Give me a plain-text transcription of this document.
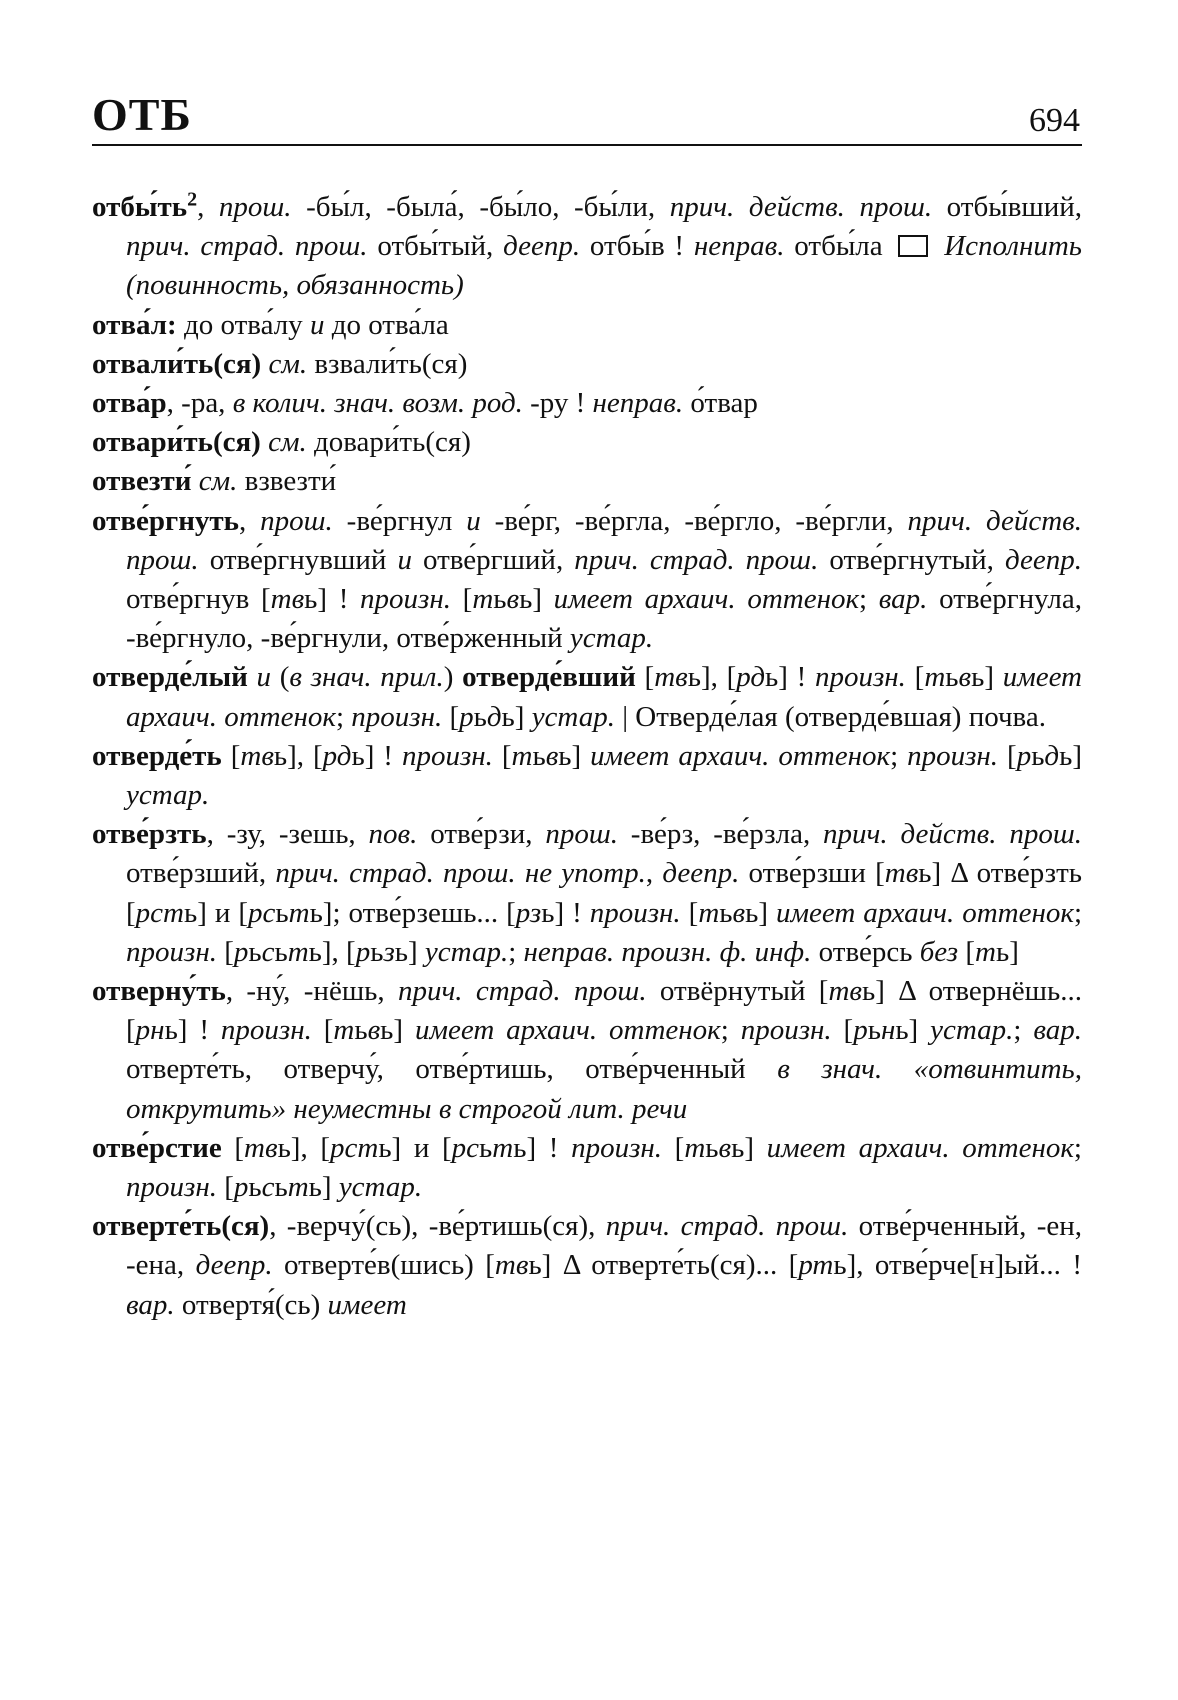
ОТБ	694

$отбы́ть^2$, прош. -бы́л, -была́, -бы́ло, -бы́ли, прич. действ. прош. отбы́вший, прич. страд. прош. отбы́тый, деепр. отбы́в ! неправ. отбы́ла  Исполнить (повинность, обязанность)

отва́л: до отва́лу и до отва́ла

отвали́ть(ся) см. взвали́ть(ся)

отва́р, -ра, в колич. знач. возм. род. -ру ! неправ. о́твар

отвари́ть(ся) см. довари́ть(ся)

отвезти́ см. взвезти́

отве́ргнуть, прош. -ве́ргнул и -ве́рг, -ве́ргла, -ве́ргло, -ве́ргли, прич. действ. прош. отве́ргнувший и отве́ргший, прич. страд. прош. отве́ргнутый, деепр. отве́ргнув [твь] ! произн. [тьвь] имеет архаич. оттенок; вар. отве́ргнула, -ве́ргнуло, -ве́ргнули, отве́рженный устар.

отверде́лый и (в знач. прил.) отверде́вший [твь], [рдь] ! произн. [тьвь] имеет архаич. оттенок; произн. [рьдь] устар. | Отверде́лая (отверде́вшая) почва.

отверде́ть [твь], [рдь] ! произн. [тьвь] имеет архаич. оттенок; произн. [рьдь] устар.

отве́рзть, -зу, -зешь, пов. отве́рзи, прош. -ве́рз, -ве́рзла, прич. действ. прош. отве́рзший, прич. страд. прош. не употр., деепр. отве́рзши [твь] Δ отве́рзть [рсть] и [рсьть]; отве́рзешь... [рзь] ! произн. [тьвь] имеет архаич. оттенок; произн. [рьсьть], [рьзь] устар.; неправ. произн. ф. инф. отве́рсь без [ть]

отверну́ть, -ну́, -нёшь, прич. страд. прош. отвёрнутый [твь] Δ отвернёшь... [рнь] ! произн. [тьвь] имеет архаич. оттенок; произн. [рьнь] устар.; вар. отверте́ть, отверчу́, отве́ртишь, отве́рченный в знач. «отвинтить, открутить» неуместны в строгой лит. речи

отве́рстие [твь], [рсть] и [рсьть] ! произн. [тьвь] имеет архаич. оттенок; произн. [рьсьть] устар.

отверте́ть(ся), -верчу́(сь), -ве́ртишь(ся), прич. страд. прош. отве́рченный, -ен, -ена, деепр. отверте́в(шись) [твь] Δ отверте́ть(ся)... [рть], отве́рче[н]ый... ! вар. отвертя́(сь) имеет
